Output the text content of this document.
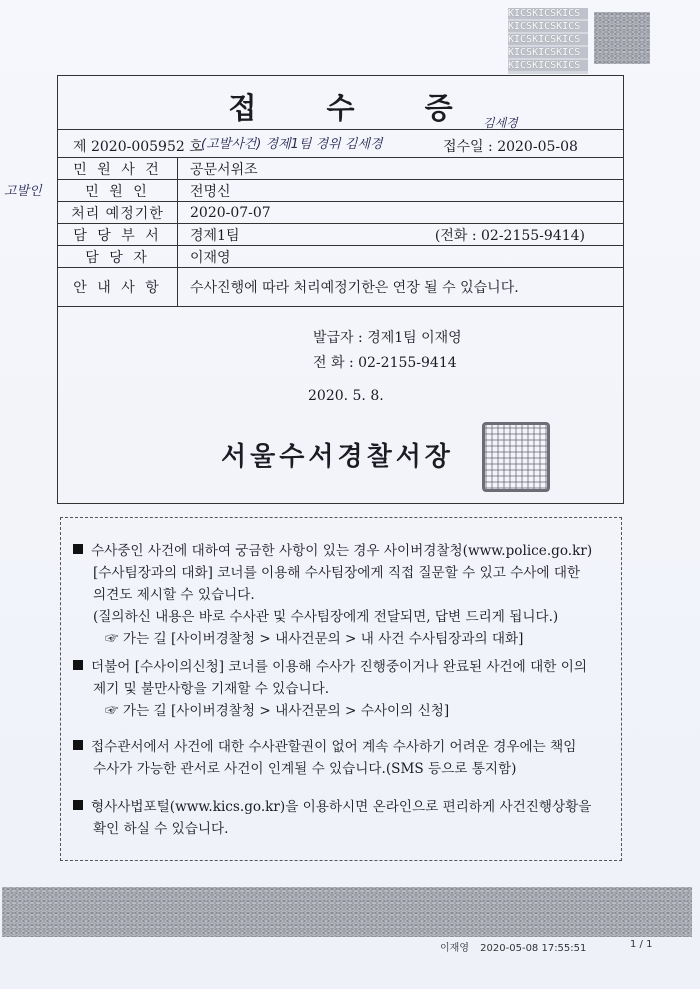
KICSKICSKICS
KICSKICSKICS
KICSKICSKICS
KICSKICSKICS
KICSKICSKICS
접 수 증
제 2020-005952 호
(고발사건) 경제1팀 경위 김세경
김세경
접수일 : 2020-05-08
민 원 사 건	공문서위조
민 원 인	전명신
처리 예정기한	2020-07-07
담 당 부 서	경제1팀 (전화 : 02-2155-9414)

담 당 자	이재영
안 내 사 항	수사진행에 따라 처리예정기한은 연장 될 수 있습니다.
발급자 : 경제1팀 이재영
전 화 : 02-2155-9414
2020. 5. 8.
서울수서경찰서장
고발인
수사중인 사건에 대하여 궁금한 사항이 있는 경우 사이버경찰청(www.police.go.kr)
[수사팀장과의 대화] 코너를 이용해 수사팀장에게 직접 질문할 수 있고 수사에 대한
의견도 제시할 수 있습니다.
(질의하신 내용은 바로 수사관 및 수사팀장에게 전달되면, 답변 드리게 됩니다.)
☞ 가는 길 [사이버경찰청 > 내사건문의 > 내 사건 수사팀장과의 대화]
더불어 [수사이의신청] 코너를 이용해 수사가 진행중이거나 완료된 사건에 대한 이의
제기 및 불만사항을 기재할 수 있습니다.
☞ 가는 길 [사이버경찰청 > 내사건문의 > 수사이의 신청]
접수관서에서 사건에 대한 수사관할권이 없어 계속 수사하기 어려운 경우에는 책임
수사가 가능한 관서로 사건이 인계될 수 있습니다.(SMS 등으로 통지함)
형사사법포털(www.kics.go.kr)을 이용하시면 온라인으로 편리하게 사건진행상황을
확인 하실 수 있습니다.
이재영 2020-05-08 17:55:51	1 / 1
